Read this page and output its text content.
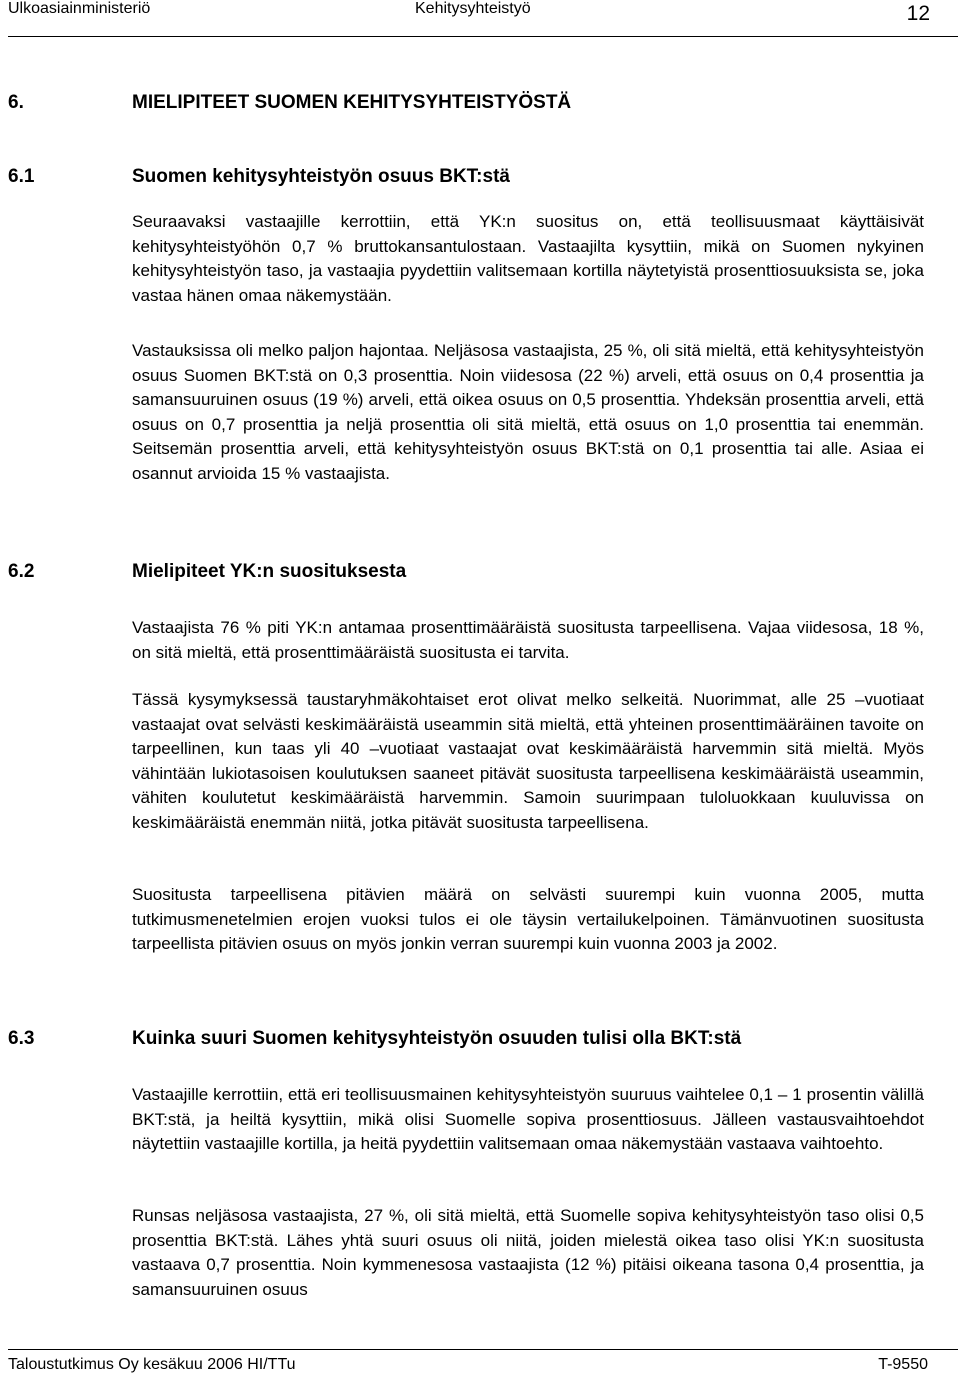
Ulkoasiainministeriö	Kehitysyhteistyö	12
6.	MIELIPITEET SUOMEN KEHITYSYHTEISTYÖSTÄ
6.1	Suomen kehitysyhteistyön osuus BKT:stä

Seuraavaksi vastaajille kerrottiin, että YK:n suositus on, että teollisuusmaat käyttäisivät kehitysyhteistyöhön 0,7 % bruttokansantulostaan. Vastaajilta kysyttiin, mikä on Suomen nykyinen kehitysyhteistyön taso, ja vastaajia pyydettiin valitsemaan kortilla näytetyistä prosenttiosuuksista se, joka vastaa hänen omaa näkemystään.

Vastauksissa oli melko paljon hajontaa. Neljäsosa vastaajista, 25 %, oli sitä mieltä, että kehitysyhteistyön osuus Suomen BKT:stä on 0,3 prosenttia. Noin viidesosa (22 %) arveli, että osuus on 0,4 prosenttia ja samansuuruinen osuus (19 %) arveli, että oikea osuus on 0,5 prosenttia. Yhdeksän prosenttia arveli, että osuus on 0,7 prosenttia ja neljä prosenttia oli sitä mieltä, että osuus on 1,0 prosenttia tai enemmän. Seitsemän prosenttia arveli, että kehitysyhteistyön osuus BKT:stä on 0,1 prosenttia tai alle. Asiaa ei osannut arvioida 15 % vastaajista.

6.2	Mielipiteet YK:n suosituksesta

Vastaajista 76 % piti YK:n antamaa prosenttimääräistä suositusta tarpeellisena. Vajaa viidesosa, 18 %, on sitä mieltä, että prosenttimääräistä suositusta ei tarvita.

Tässä kysymyksessä taustaryhmäkohtaiset erot olivat melko selkeitä. Nuorimmat, alle 25 –vuotiaat vastaajat ovat selvästi keskimääräistä useammin sitä mieltä, että yhteinen prosenttimääräinen tavoite on tarpeellinen, kun taas yli 40 –vuotiaat vastaajat ovat keskimääräistä harvemmin sitä mieltä. Myös vähintään lukiotasoisen koulutuksen saaneet pitävät suositusta tarpeellisena keskimääräistä useammin, vähiten koulutetut keskimääräistä harvemmin. Samoin suurimpaan tuloluokkaan kuuluvissa on keskimääräistä enemmän niitä, jotka pitävät suositusta tarpeellisena.

Suositusta tarpeellisena pitävien määrä on selvästi suurempi kuin vuonna 2005, mutta tutkimusmenetelmien erojen vuoksi tulos ei ole täysin vertailukelpoinen. Tämänvuotinen suositusta tarpeellista pitävien osuus on myös jonkin verran suurempi kuin vuonna 2003 ja 2002.

6.3	Kuinka suuri Suomen kehitysyhteistyön osuuden tulisi olla BKT:stä

Vastaajille kerrottiin, että eri teollisuusmainen kehitysyhteistyön suuruus vaihtelee 0,1 – 1 prosentin välillä BKT:stä, ja heiltä kysyttiin, mikä olisi Suomelle sopiva prosenttiosuus. Jälleen vastausvaihtoehdot näytettiin vastaajille kortilla, ja heitä pyydettiin valitsemaan omaa näkemystään vastaava vaihtoehto.

Runsas neljäsosa vastaajista, 27 %, oli sitä mieltä, että Suomelle sopiva kehitysyhteistyön taso olisi 0,5 prosenttia BKT:stä. Lähes yhtä suuri osuus oli niitä, joiden mielestä oikea taso olisi YK:n suositusta vastaava 0,7 prosenttia. Noin kymmenesosa vastaajista (12 %) pitäisi oikeana tasona 0,4 prosenttia, ja samansuuruinen osuus

Taloustutkimus Oy kesäkuu 2006 HI/TTu	T-9550
